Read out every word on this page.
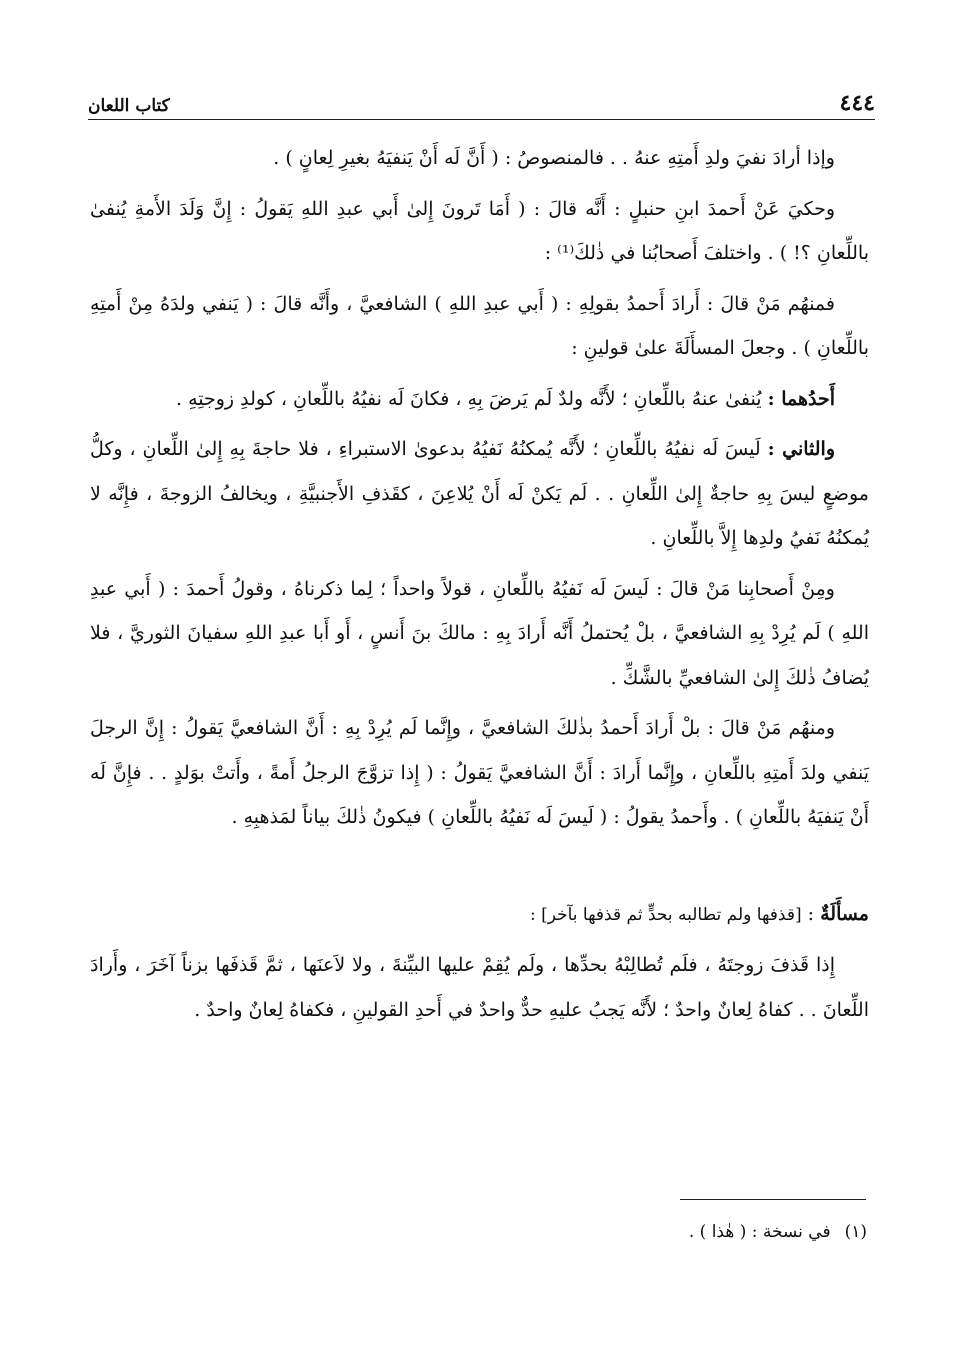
٤٤٤
كتاب اللعان

وإذا أرادَ نفيَ ولدِ أَمتِهِ عنهُ . . فالمنصوصُ : ( أَنَّ لَه أَنْ يَنفيَهُ بغيرِ لِعانٍ ) .

وحكيَ عَنْ أَحمدَ ابنِ حنبلٍ : أَنَّه قالَ : ( أَمَا تَرونَ إِلىٰ أَبي عبدِ اللهِ يَقولُ : إِنَّ وَلَدَ الأَمةِ يُنفىٰ باللِّعانِ ؟! ) . واختلفَ أَصحابُنا في ذٰلكَ⁽¹⁾ :

فمنهُم مَنْ قالَ : أَرادَ أَحمدُ بقولِهِ : ( أَبي عبدِ اللهِ ) الشافعيَّ ، وأَنَّه قالَ : ( يَنفي ولدَهُ مِنْ أَمتِهِ باللِّعانِ ) . وجعلَ المسأَلَةَ علىٰ قولينِ :

أَحدُهما : يُنفىٰ عنهُ باللِّعانِ ؛ لأَنَّه ولدٌ لَم يَرضَ بِهِ ، فكانَ لَه نفيُهُ باللِّعانِ ، كولدِ زوجتِهِ .

والثاني : لَيسَ لَه نفيُهُ باللِّعانِ ؛ لأَنَّه يُمكنُهُ نَفيُهُ بدعوىٰ الاستبراءِ ، فلا حاجةَ بِهِ إِلىٰ اللِّعانِ ، وكلُّ موضعٍ ليسَ بِهِ حاجةٌ إِلىٰ اللِّعانِ . . لَم يَكنْ لَه أَنْ يُلاعِنَ ، كقَذفِ الأَجنبيَّةِ ، ويخالفُ الزوجةَ ، فإِنَّه لا يُمكنُهُ نَفيُ ولدِها إِلاَّ باللِّعانِ .

ومِنْ أَصحابِنا مَنْ قالَ : لَيسَ لَه نَفيُهُ باللِّعانِ ، قولاً واحداً ؛ لِما ذكرناهُ ، وقولُ أَحمدَ : ( أَبي عبدِ اللهِ ) لَم يُرِدْ بِهِ الشافعيَّ ، بلْ يُحتملُ أَنَّه أَرادَ بِهِ : مالكَ بنَ أَنسٍ ، أَو أَبا عبدِ اللهِ سفيانَ الثوريَّ ، فلا يُضافُ ذٰلكَ إِلىٰ الشافعيِّ بالشَّكِّ .

ومنهُم مَنْ قالَ : بلْ أَرادَ أَحمدُ بذٰلكَ الشافعيَّ ، وإِنَّما لَم يُرِدْ بِهِ : أَنَّ الشافعيَّ يَقولُ : إِنَّ الرجلَ يَنفي ولدَ أَمتِهِ باللِّعانِ ، وإِنَّما أَرادَ : أَنَّ الشافعيَّ يَقولُ : ( إِذا تزوَّجَ الرجلُ أَمةً ، وأَتتْ بوَلدٍ . . فإِنَّ لَه أَنْ يَنفيَهُ باللِّعانِ ) . وأَحمدُ يقولُ : ( لَيسَ لَه نَفيُهُ باللِّعانِ ) فيكونُ ذٰلكَ بياناً لمَذهبِهِ .

مسأَلَةٌ : [قذفها ولم تطالبه بحدٍّ ثم قذفها بآخر] :

إِذا قَذفَ زوجتَهُ ، فلَم تُطالِبْهُ بحدِّها ، ولَم يُقِمْ عليها البيِّنةَ ، ولا لاَعنَها ، ثمَّ قَذفَها بزناً آخَرَ ، وأَرادَ اللِّعانَ . . كفاهُ لِعانٌ واحدٌ ؛ لأَنَّه يَجبُ عليهِ حدٌّ واحدٌ في أَحدِ القولينِ ، فكفاهُ لِعانٌ واحدٌ .

(١)في نسخة : ( هٰذا ) .
